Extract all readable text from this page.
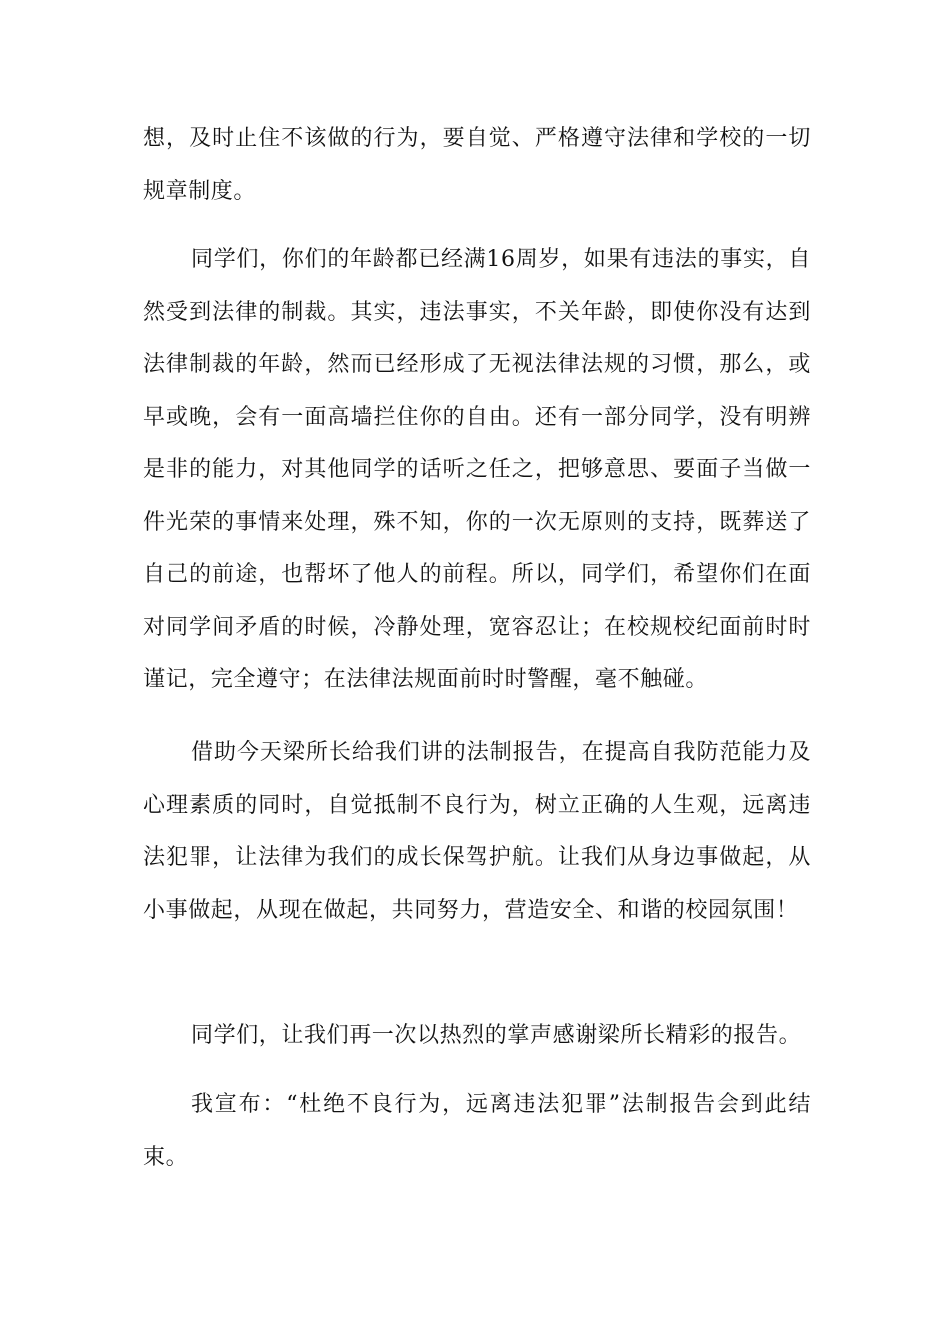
想，及时止住不该做的行为，要自觉、严格遵守法律和学校的一切规章制度。

同学们，你们的年龄都已经满16周岁，如果有违法的事实，自然受到法律的制裁。其实，违法事实，不关年龄，即使你没有达到法律制裁的年龄，然而已经形成了无视法律法规的习惯，那么，或早或晚，会有一面高墙拦住你的自由。还有一部分同学，没有明辨是非的能力，对其他同学的话听之任之，把够意思、要面子当做一件光荣的事情来处理，殊不知，你的一次无原则的支持，既葬送了自己的前途，也帮坏了他人的前程。所以，同学们，希望你们在面对同学间矛盾的时候，冷静处理，宽容忍让；在校规校纪面前时时谨记，完全遵守；在法律法规面前时时警醒，毫不触碰。

借助今天梁所长给我们讲的法制报告，在提高自我防范能力及心理素质的同时，自觉抵制不良行为，树立正确的人生观，远离违法犯罪，让法律为我们的成长保驾护航。让我们从身边事做起，从小事做起，从现在做起，共同努力，营造安全、和谐的校园氛围！

同学们，让我们再一次以热烈的掌声感谢梁所长精彩的报告。

我宣布：“杜绝不良行为，远离违法犯罪”法制报告会到此结束。
